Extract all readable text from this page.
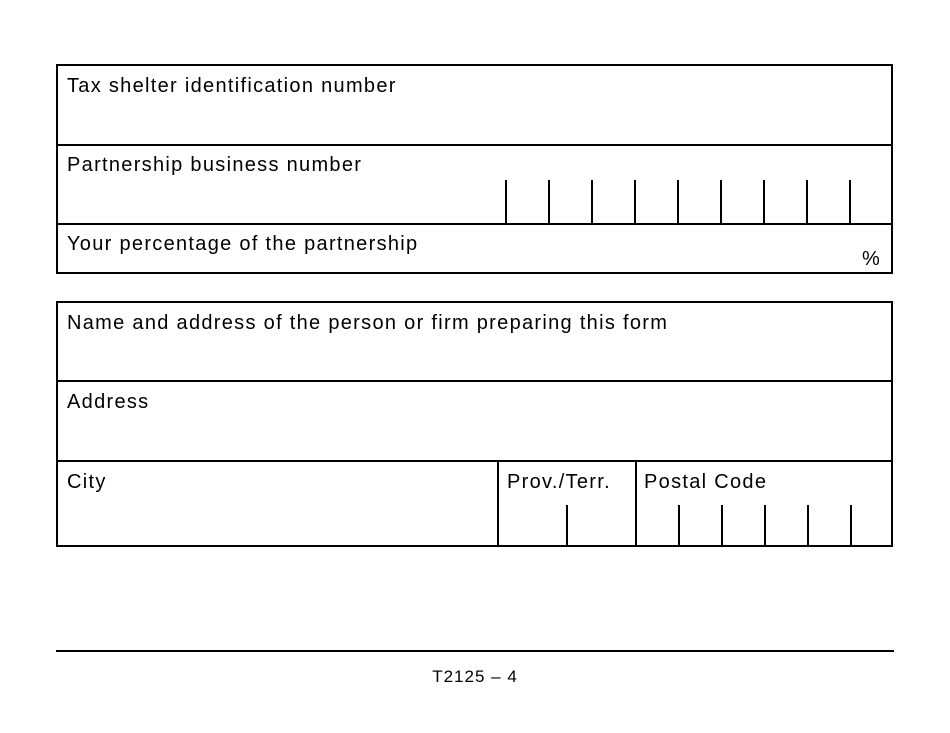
Tax shelter identification number
Partnership business number
Your percentage of the partnership
%
Name and address of the person or firm preparing this form
Address
City	Prov./Terr. Postal Code
T2125 – 4
